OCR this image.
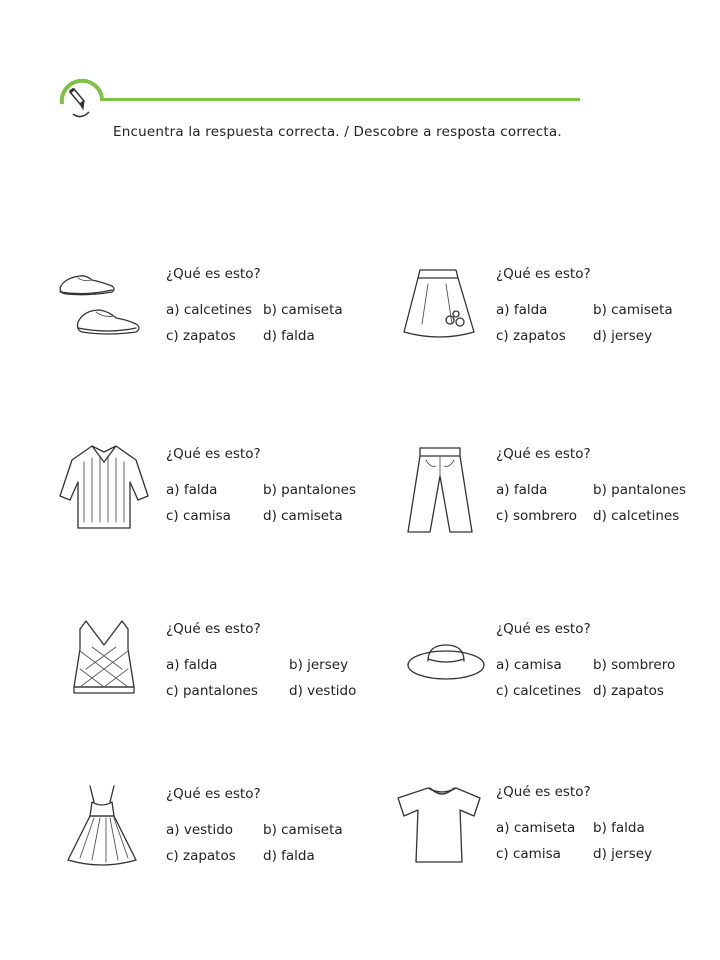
Encuentra la respuesta correcta. / Descobre a resposta correcta.
¿Qué es esto?
a) calcetines b) camiseta
c) zapatos d) falda
¿Qué es esto?
a) falda	b) camiseta
c) zapatos d) jersey
¿Qué es esto?
a) falda	b) pantalones
c) camisa d) camiseta
¿Qué es esto?
a) falda	b) pantalones
c) sombrero d) calcetines
¿Qué es esto?
a) falda	b) jersey
c) pantalones d) vestido
¿Qué es esto?
a) camisa b) sombrero
c) calcetines d) zapatos
¿Qué es esto?
a) vestido b) camiseta
c) zapatos d) falda
¿Qué es esto?
a) camiseta b) falda
c) camisa d) jersey
